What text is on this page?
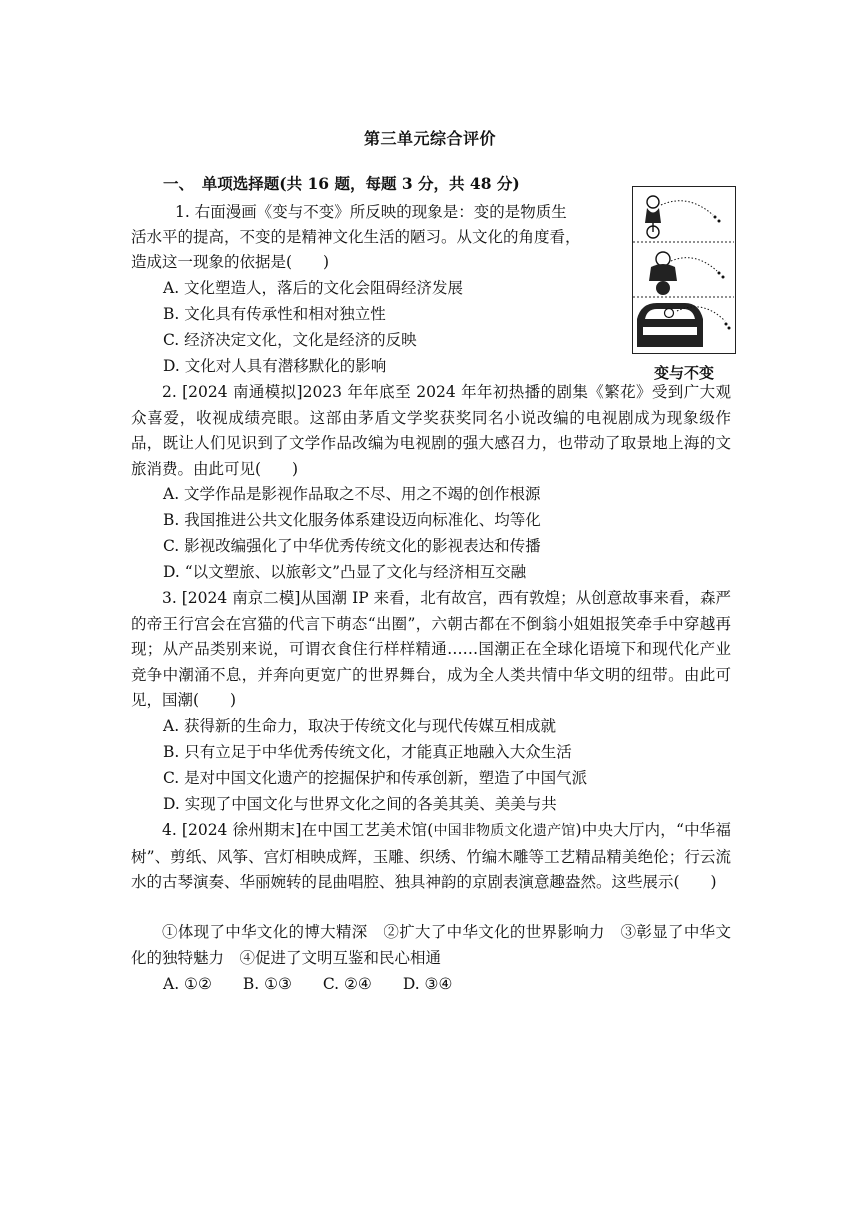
第三单元综合评价
一、　单项选择题(共 16 题，每题 3 分，共 48 分)
变与不变
1. 右面漫画《变与不变》所反映的现象是：变的是物质生
活水平的提高，不变的是精神文化生活的陋习。从文化的角度看，
造成这一现象的依据是(　　)
A. 文化塑造人，落后的文化会阻碍经济发展
B. 文化具有传承性和相对独立性
C. 经济决定文化，文化是经济的反映
D. 文化对人具有潜移默化的影响
2. [2024 南通模拟]2023 年年底至 2024 年年初热播的剧集《繁花》受到广大观众喜爱，收视成绩亮眼。这部由茅盾文学奖获奖同名小说改编的电视剧成为现象级作品，既让人们见识到了文学作品改编为电视剧的强大感召力，也带动了取景地上海的文旅消费。由此可见(　　)
A. 文学作品是影视作品取之不尽、用之不竭的创作根源
B. 我国推进公共文化服务体系建设迈向标准化、均等化
C. 影视改编强化了中华优秀传统文化的影视表达和传播
D. “以文塑旅、以旅彰文”凸显了文化与经济相互交融
3. [2024 南京二模]从国潮 IP 来看，北有故宫，西有敦煌；从创意故事来看，森严的帝王行宫会在宫猫的代言下萌态“出圈”，六朝古都在不倒翁小姐姐报笑牵手中穿越再现；从产品类别来说，可谓衣食住行样样精通……国潮正在全球化语境下和现代化产业竞争中潮涌不息，并奔向更宽广的世界舞台，成为全人类共情中华文明的纽带。由此可见，国潮(　　)
A. 获得新的生命力，取决于传统文化与现代传媒互相成就
B. 只有立足于中华优秀传统文化，才能真正地融入大众生活
C. 是对中国文化遗产的挖掘保护和传承创新，塑造了中国气派
D. 实现了中国文化与世界文化之间的各美其美、美美与共
4. [2024 徐州期末]在中国工艺美术馆(中国非物质文化遗产馆)中央大厅内，“中华福树”、剪纸、风筝、宫灯相映成辉，玉雕、织绣、竹编木雕等工艺精品精美绝伦；行云流水的古琴演奏、华丽婉转的昆曲唱腔、独具神韵的京剧表演意趣盎然。这些展示(　　)
①体现了中华文化的博大精深　②扩大了中华文化的世界影响力　③彰显了中华文化的独特魅力　④促进了文明互鉴和民心相通
A. ①②　　B. ①③　　C. ②④　　D. ③④
